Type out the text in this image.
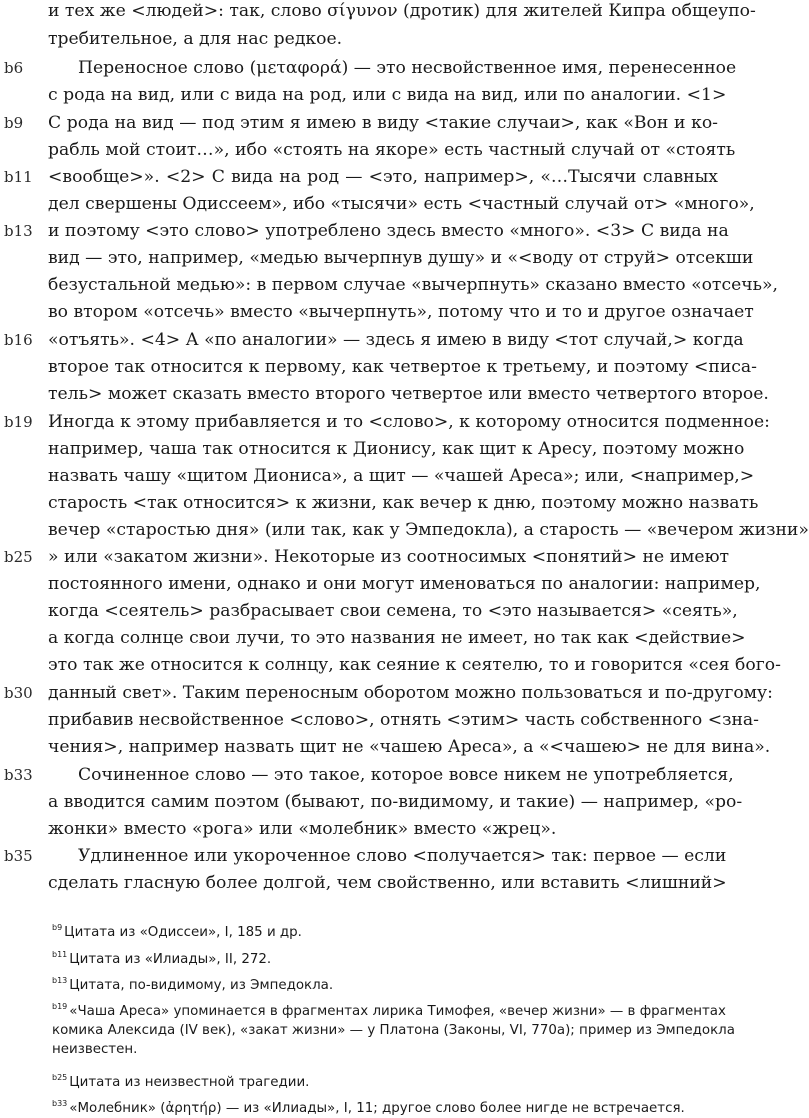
и тех же <людей>: так, слово σίγυνον (дротик) для жителей Кипра общеупо-
требительное, а для нас редкое.
b6	Переносное слово (μεταφορά) — это несвойственное имя, перенесенное
с рода на вид, или с вида на род, или с вида на вид, или по аналогии. <1>
b9	С рода на вид — под этим я имею в виду <такие случаи>, как «Вон и ко-
рабль мой стоит…», ибо «стоять на якоре» есть частный случай от «стоять
b11 <вообще>». <2> С вида на род — <это, например>, «…Тысячи славных
дел свершены Одиссеем», ибо «тысячи» есть <частный случай от> «много»,
b13 и поэтому <это слово> употреблено здесь вместо «много». <3> С вида на
вид — это, например, «медью вычерпнув душу» и «<воду от струй> отсекши
безустальной медью»: в первом случае «вычерпнуть» сказано вместо «отсечь»,
во втором «отсечь» вместо «вычерпнуть», потому что и то и другое означает
b16 «отъять». <4> А «по аналогии» — здесь я имею в виду <тот случай,> когда
второе так относится к первому, как четвертое к третьему, и поэтому <писа-
тель> может сказать вместо второго четвертое или вместо четвертого второе.
b19 Иногда к этому прибавляется и то <слово>, к которому относится подменное:
например, чаша так относится к Дионису, как щит к Аресу, поэтому можно
назвать чашу «щитом Диониса», а щит — «чашей Ареса»; или, <например,>
старость <так относится> к жизни, как вечер к дню, поэтому можно назвать
вечер «старостью дня» (или так, как у Эмпедокла), а старость — «вечером жизни»
b25 » или «закатом жизни». Некоторые из соотносимых <понятий> не имеют
постоянного имени, однако и они могут именоваться по аналогии: например,
когда <сеятель> разбрасывает свои семена, то <это называется> «сеять»,
а когда солнце свои лучи, то это названия не имеет, но так как <действие>
это так же относится к солнцу, как сеяние к сеятелю, то и говорится «сея бого-
b30 данный свет». Таким переносным оборотом можно пользоваться и по-другому:
прибавив несвойственное <слово>, отнять <этим> часть собственного <зна-
чения>, например назвать щит не «чашею Ареса», а «<чашею> не для вина».
b33	Сочиненное слово — это такое, которое вовсе никем не употребляется,
а вводится самим поэтом (бывают, по-видимому, и такие) — например, «ро-
жонки» вместо «рога» или «молебник» вместо «жрец».
b35	Удлиненное или укороченное слово <получается> так: первое — если
сделать гласную более долгой, чем свойственно, или вставить <лишний>
$^{b9}$ Цитата из «Одиссеи», I, 185 и др.
$^{b11}$ Цитата из «Илиады», II, 272.
$^{b13}$ Цитата, по-видимому, из Эмпедокла.
$^{b19}$ «Чаша Ареса» упоминается в фрагментах лирика Тимофея, «вечер жизни» — в фрагментах
комика Алексида (IV век), «закат жизни» — у Платона (Законы, VI, 770a); пример из Эмпедокла
неизвестен.
$^{b25}$ Цитата из неизвестной трагедии.
$^{b33}$ «Молебник» (ἀρητήρ) — из «Илиады», I, 11; другое слово более нигде не встречается.
